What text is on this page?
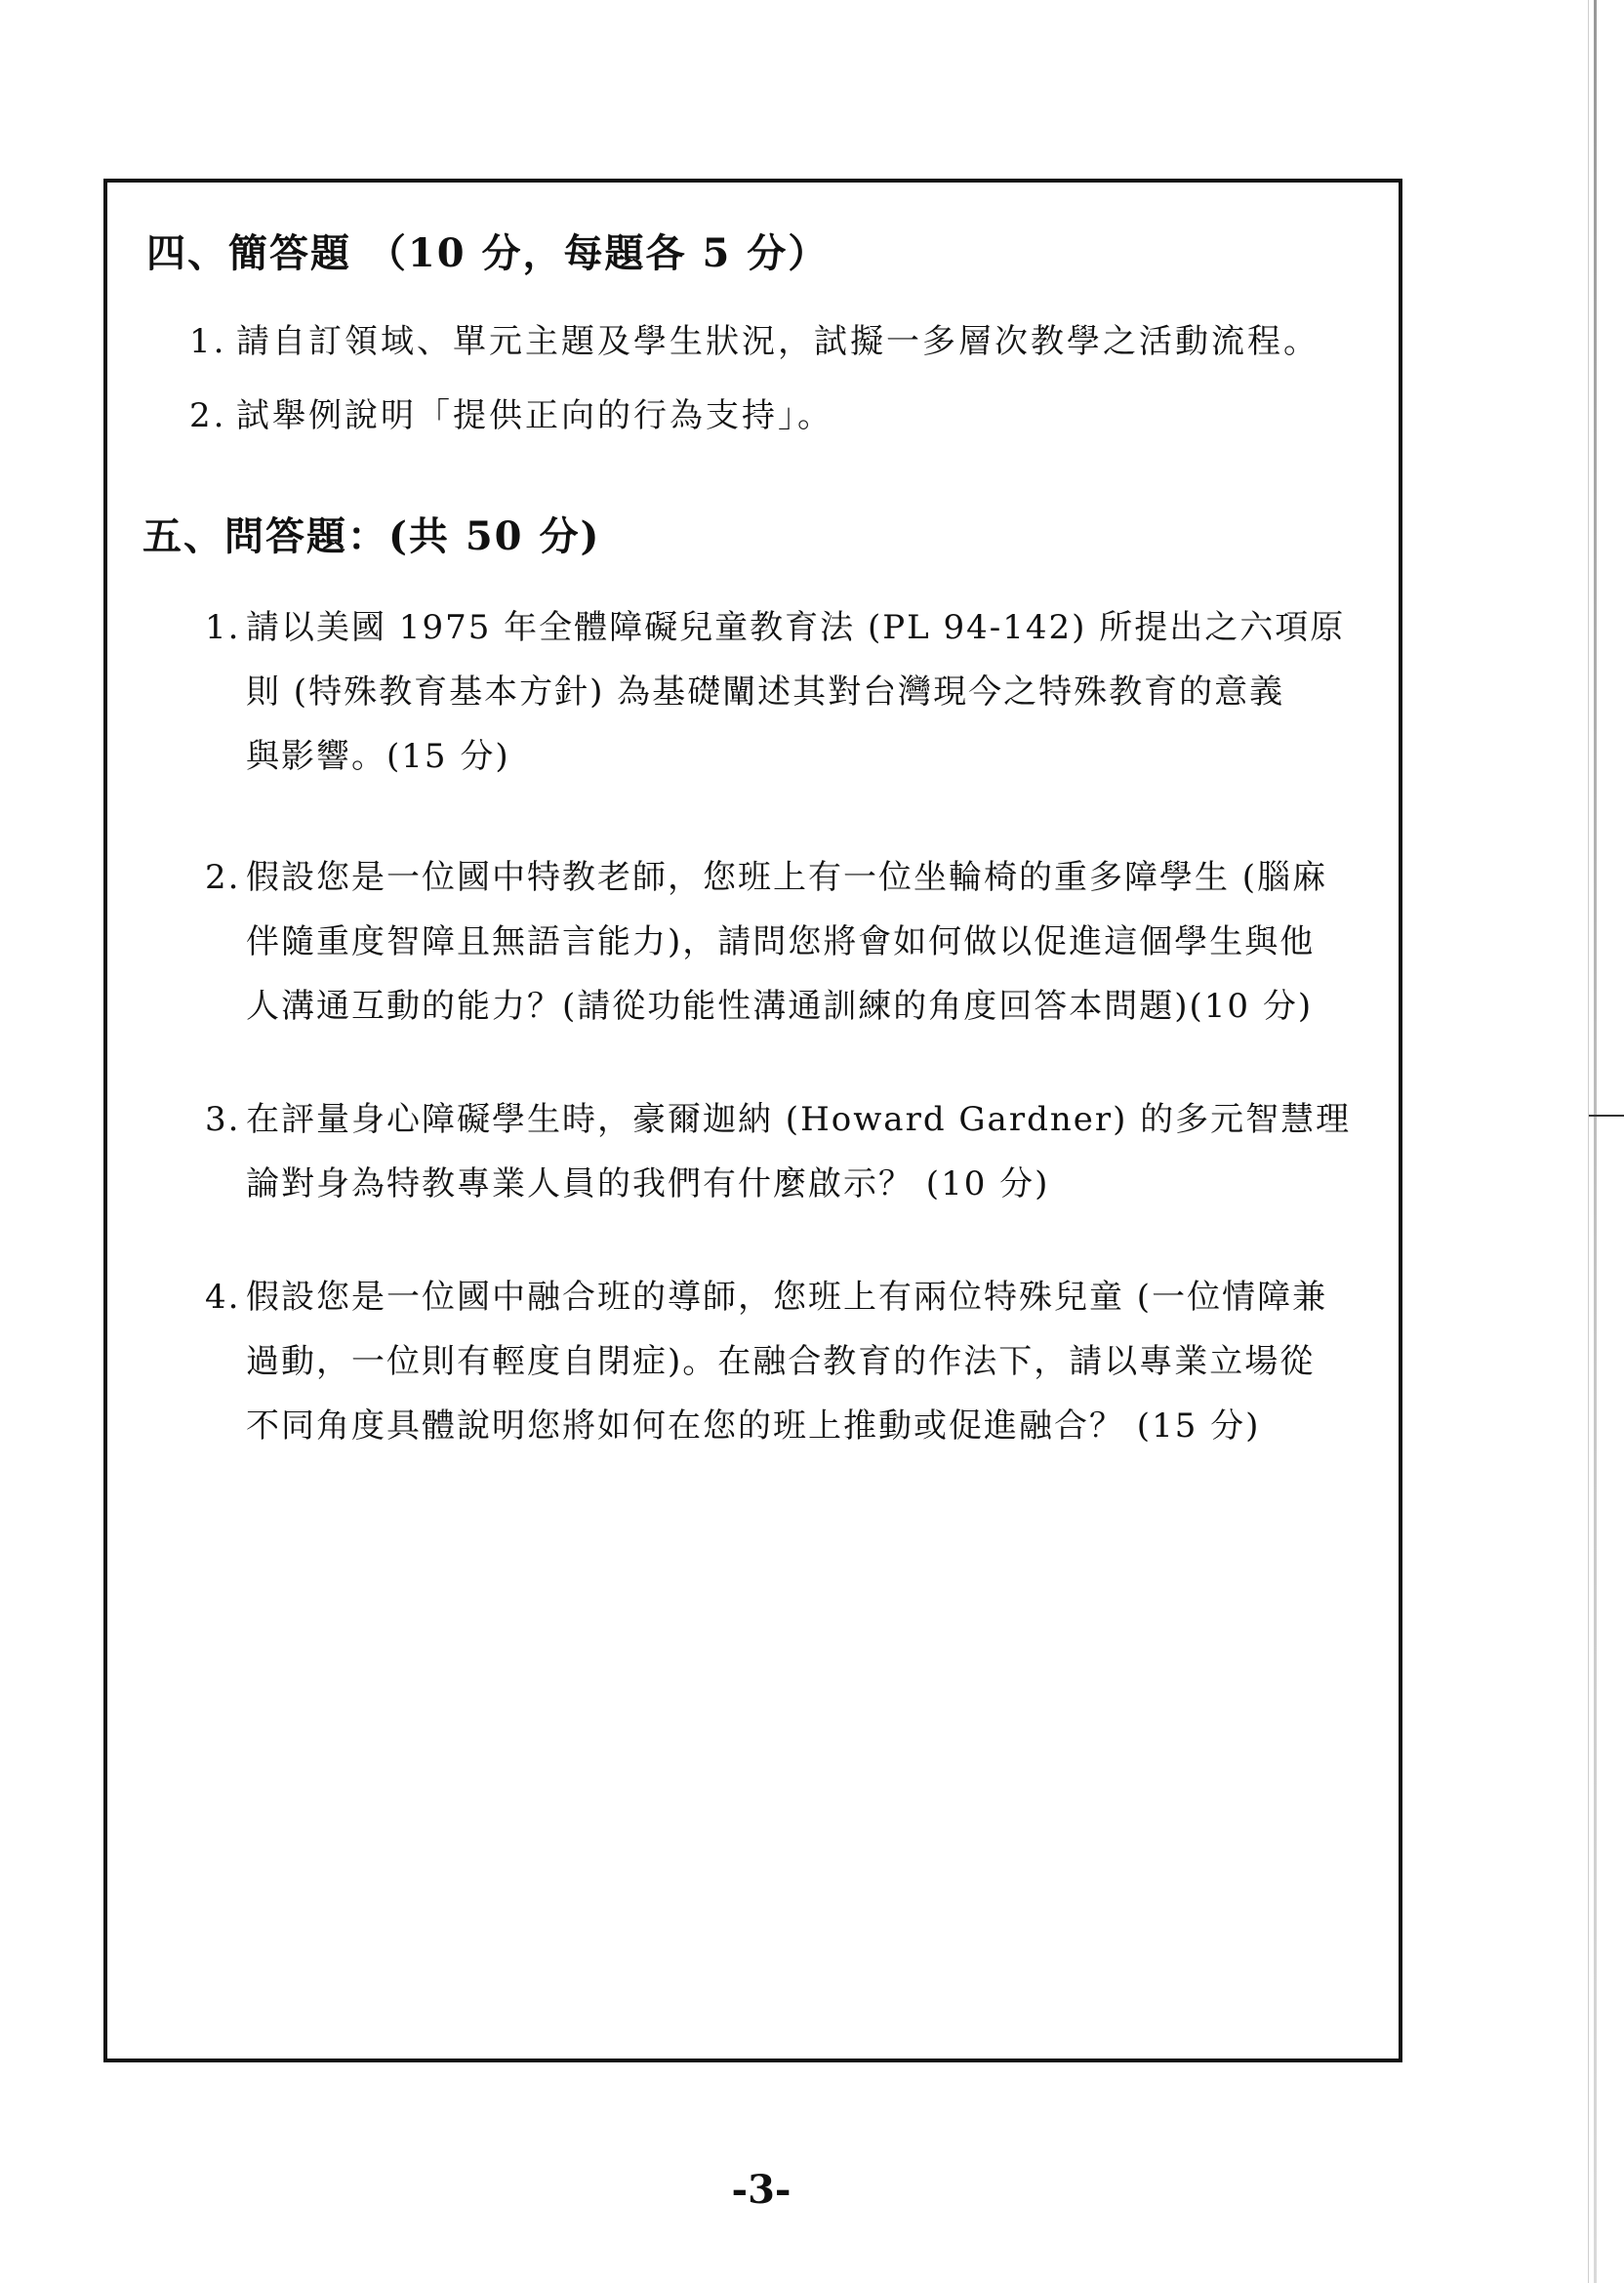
四、簡答題 （10 分，每題各 5 分）
1. 請自訂領域、單元主題及學生狀況，試擬一多層次教學之活動流程。
2. 試舉例說明「提供正向的行為支持」。
五、問答題：(共 50 分)
1. 請以美國 1975 年全體障礙兒童教育法 (PL 94-142) 所提出之六項原
則 (特殊教育基本方針) 為基礎闡述其對台灣現今之特殊教育的意義
與影響。(15 分)
2. 假設您是一位國中特教老師，您班上有一位坐輪椅的重多障學生 (腦麻
伴隨重度智障且無語言能力)，請問您將會如何做以促進這個學生與他
人溝通互動的能力？(請從功能性溝通訓練的角度回答本問題)(10 分)
3. 在評量身心障礙學生時，豪爾迦納 (Howard Gardner) 的多元智慧理
論對身為特教專業人員的我們有什麼啟示？ (10 分)
4. 假設您是一位國中融合班的導師，您班上有兩位特殊兒童 (一位情障兼
過動，一位則有輕度自閉症)。在融合教育的作法下，請以專業立場從
不同角度具體說明您將如何在您的班上推動或促進融合？ (15 分)
-3-
